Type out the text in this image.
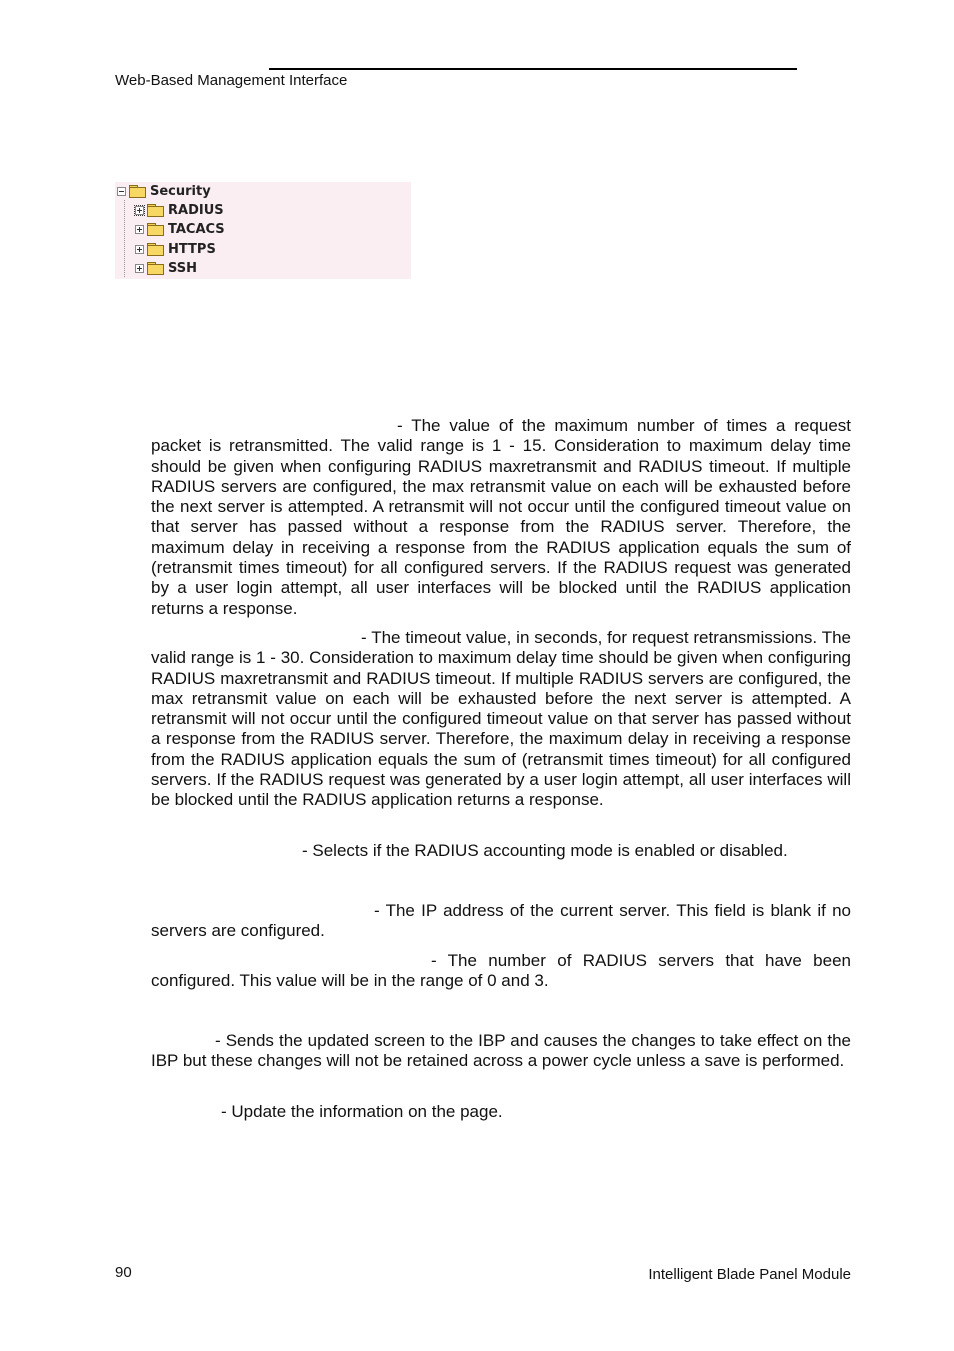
Web-Based Management Interface
Security
RADIUS
TACACS
HTTPS
SSH
- The value of the maximum number of times a request packet is retransmitted. The valid range is 1 - 15. Consideration to maximum delay time should be given when configuring RADIUS maxretransmit and RADIUS timeout. If multiple RADIUS servers are configured, the max retransmit value on each will be exhausted before the next server is attempted. A retransmit will not occur until the configured timeout value on that server has passed without a response from the RADIUS server. Therefore, the maximum delay in receiving a response from the RADIUS application equals the sum of (retransmit times timeout) for all configured servers. If the RADIUS request was generated by a user login attempt, all user interfaces will be blocked until the RADIUS application returns a response.
- The timeout value, in seconds, for request retransmissions. The valid range is 1 - 30. Consideration to maximum delay time should be given when configuring RADIUS maxretransmit and RADIUS timeout. If multiple RADIUS servers are configured, the max retransmit value on each will be exhausted before the next server is attempted. A retransmit will not occur until the configured timeout value on that server has passed without a response from the RADIUS server. Therefore, the maximum delay in receiving a response from the RADIUS application equals the sum of (retransmit times timeout) for all configured servers. If the RADIUS request was generated by a user login attempt, all user interfaces will be blocked until the RADIUS application returns a response.
- Selects if the RADIUS accounting mode is enabled or disabled.
- The IP address of the current server. This field is blank if no servers are configured.
- The number of RADIUS servers that have been configured. This value will be in the range of 0 and 3.
- Sends the updated screen to the IBP and causes the changes to take effect on the IBP but these changes will not be retained across a power cycle unless a save is performed.
- Update the information on the page.
90	Intelligent Blade Panel Module
